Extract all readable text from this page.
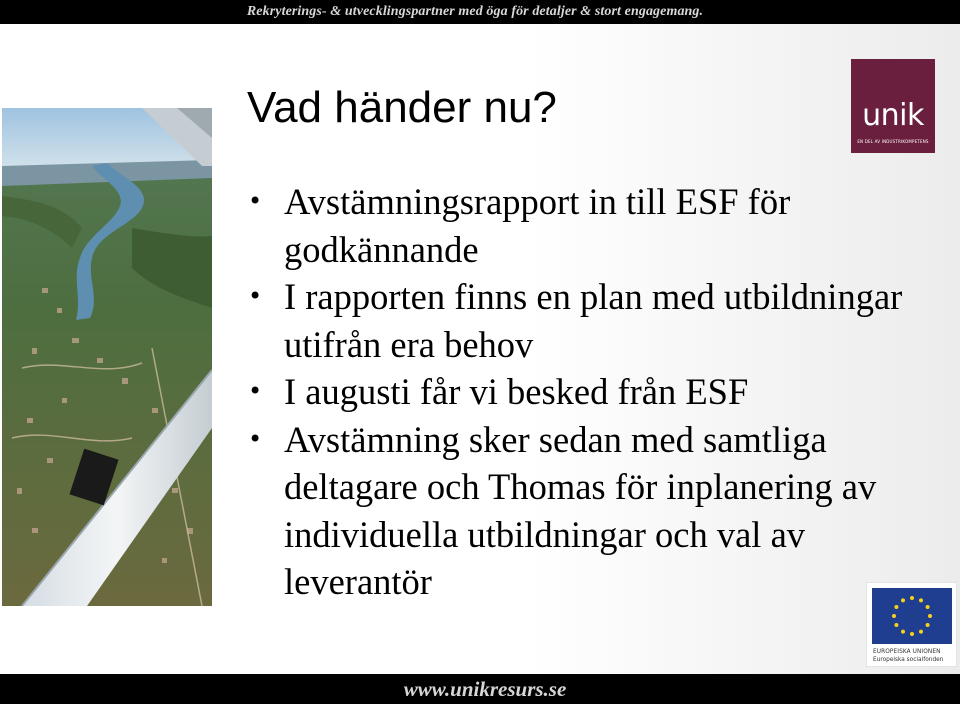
Rekryterings- & utvecklingspartner med öga för detaljer & stort engagemang.
Vad händer nu?
• Avstämningsrapport in till ESF för godkännande
• I rapporten finns en plan med utbildningar utifrån era behov
• I augusti får vi besked från ESF
• Avstämning sker sedan med samtliga deltagare och Thomas för inplanering av individuella utbildningar och val av leverantör
unik
EN DEL AV INDUSTRIKOMPETENS
EUROPEISKA UNIONEN
Europeiska socialfonden
www.unikresurs.se
